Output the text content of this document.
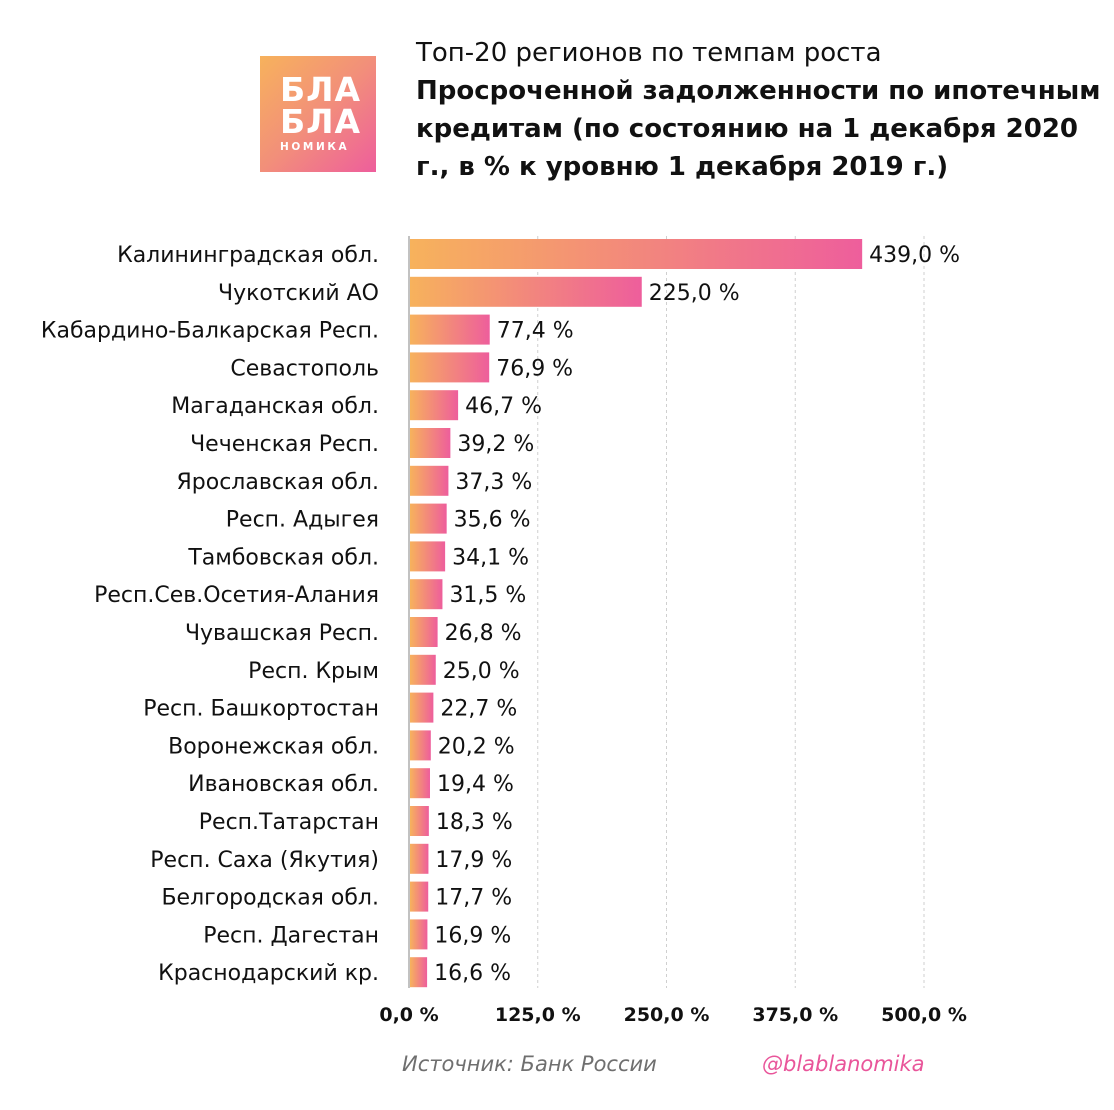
БЛА
БЛА
НОМИКА
Топ-20 регионов по темпам роста
Просроченной задолженности по ипотечным кредитам (по состоянию на 1 декабря 2020 г., в % к уровню 1 декабря 2019 г.)
Калининградская обл.
Чукотский АО
Кабардино-Балкарская Респ.
Севастополь
Магаданская обл.
Чеченская Респ.
Ярославская обл.
Респ. Адыгея
Тамбовская обл.
Респ.Сев.Осетия-Алания
Чувашская Респ.
Респ. Крым
Респ. Башкортостан
Воронежская обл.
Ивановская обл.
Респ.Татарстан
Респ. Саха (Якутия)
Белгородская обл.
Респ. Дагестан
Краснодарский кр.
439,0 %
225,0 %
77,4 %
76,9 %
46,7 %
39,2 %
37,3 %
35,6 %
34,1 %
31,5 %
26,8 %
25,0 %
22,7 %
20,2 %
19,4 %
18,3 %
17,9 %
17,7 %
16,9 %
16,6 %
0,0 %	125,0 % 250,0 % 375,0 % 500,0 %
Источник: Банк России	@blablanomika
